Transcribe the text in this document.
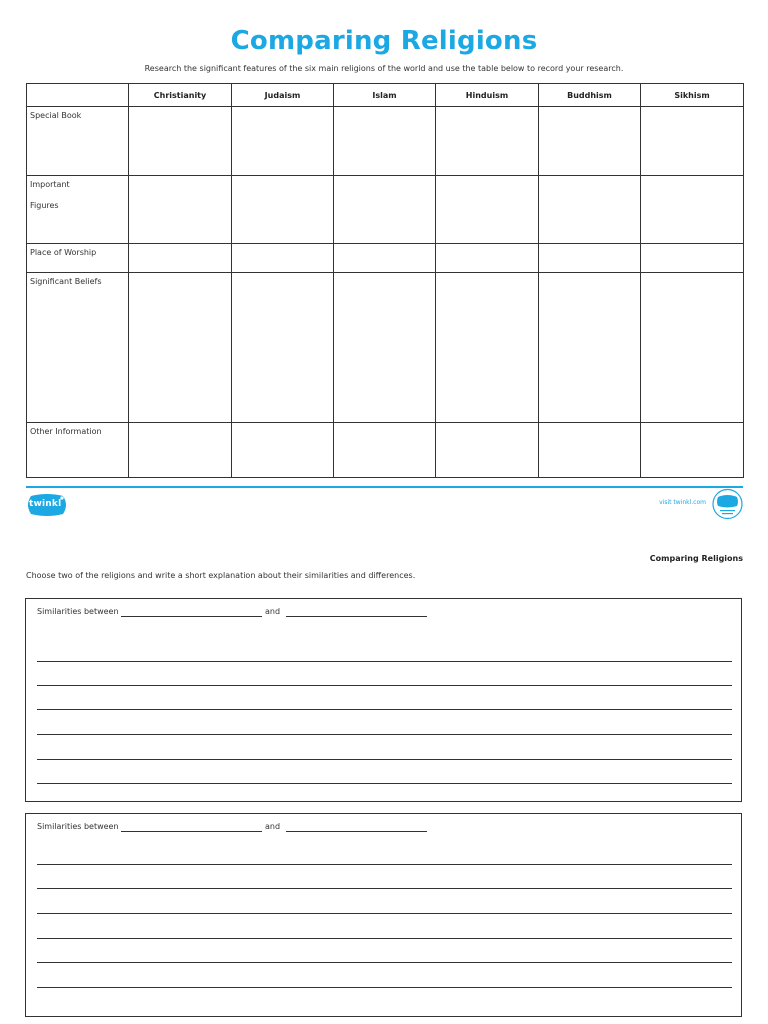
Comparing Religions
Research the significant features of the six main religions of the world and use the table below to record your research.
	Christianity	Judaism	Islam	Hinduism	Buddhism	Sikhism

Special Book						

Important
Figures						

Place of Worship						

Significant Beliefs						

Other Information						

twinkl	visit twinkl.com
Comparing Religions
Choose two of the religions and write a short explanation about their similarities and differences.
Similarities between	and
Similarities between	and
